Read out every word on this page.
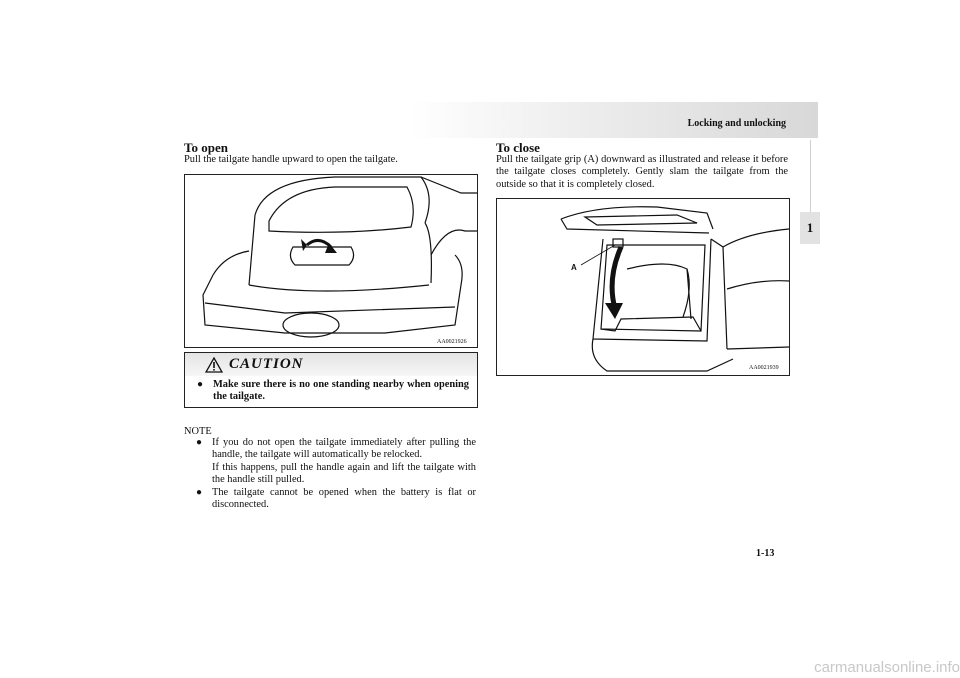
Locking and unlocking
1
To open
Pull the tailgate handle upward to open the tailgate.
AA0021926
CAUTION
● Make sure there is no one standing nearby when opening the tailgate.
NOTE
● If you do not open the tailgate immediately after pulling the handle, the tailgate will automatically be relocked.
If this happens, pull the handle again and lift the tailgate with the handle still pulled.
● The tailgate cannot be opened when the battery is flat or disconnected.
To close
Pull the tailgate grip (A) downward as illustrated and release it before the tailgate closes completely. Gently slam the tailgate from the outside so that it is completely closed.
A
AA0021939
1-13
carmanualsonline.info
